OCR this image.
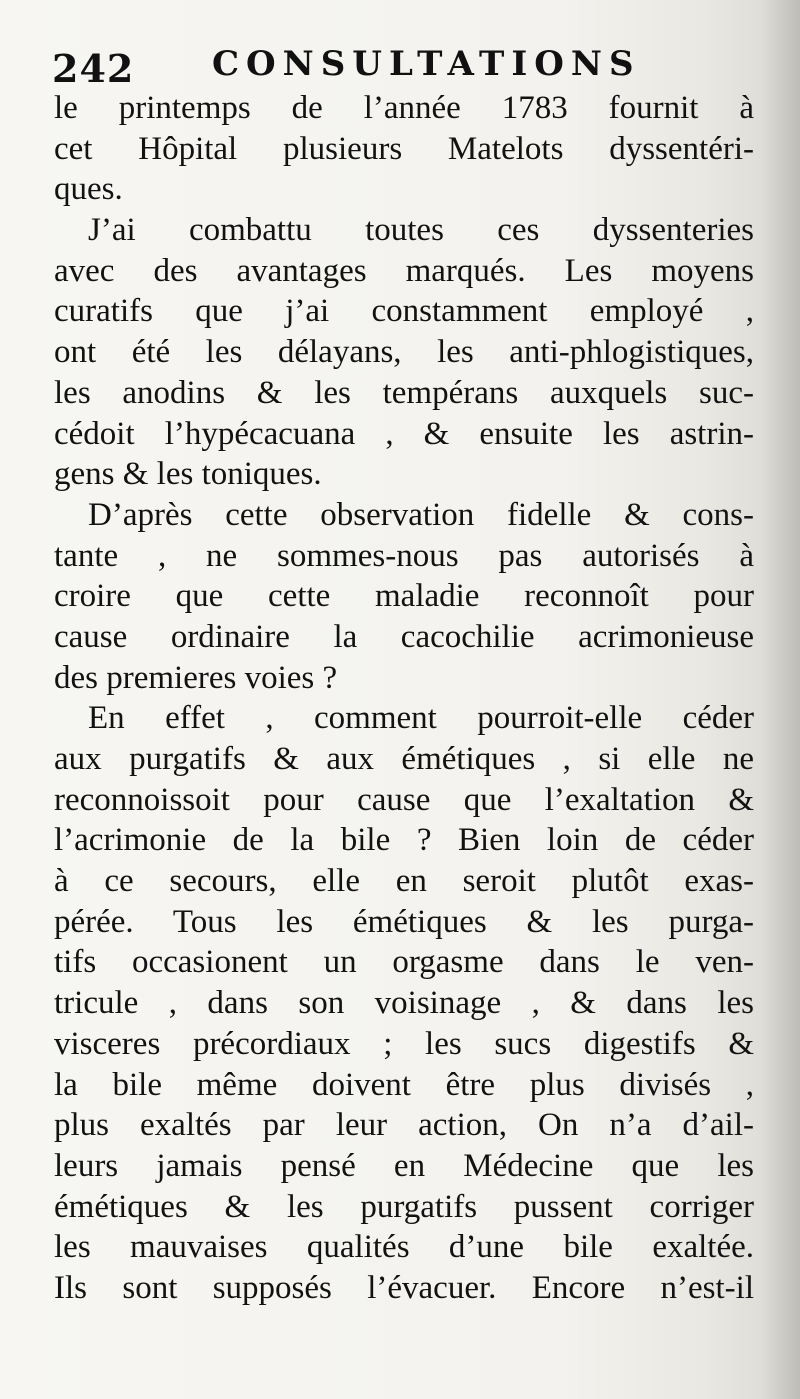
242 CONSULTATIONS
le printemps de l’année 1783 fournit à
cet Hôpital plusieurs Matelots dyssentéri-
ques.
J’ai combattu toutes ces dyssenteries
avec des avantages marqués. Les moyens
curatifs que j’ai constamment employé ,
ont été les délayans, les anti-phlogistiques,
les anodins & les tempérans auxquels suc-
cédoit l’hypécacuana , & ensuite les astrin-
gens & les toniques.
D’après cette observation fidelle & cons-
tante , ne sommes-nous pas autorisés à
croire que cette maladie reconnoît pour
cause ordinaire la cacochilie acrimonieuse
des premieres voies ?
En effet , comment pourroit-elle céder
aux purgatifs & aux émétiques , si elle ne
reconnoissoit pour cause que l’exaltation &
l’acrimonie de la bile ? Bien loin de céder
à ce secours, elle en seroit plutôt exas-
pérée. Tous les émétiques & les purga-
tifs occasionent un orgasme dans le ven-
tricule , dans son voisinage , & dans les
visceres précordiaux ; les sucs digestifs &
la bile même doivent être plus divisés ,
plus exaltés par leur action, On n’a d’ail-
leurs jamais pensé en Médecine que les
émétiques & les purgatifs pussent corriger
les mauvaises qualités d’une bile exaltée.
Ils sont supposés l’évacuer. Encore n’est-il
